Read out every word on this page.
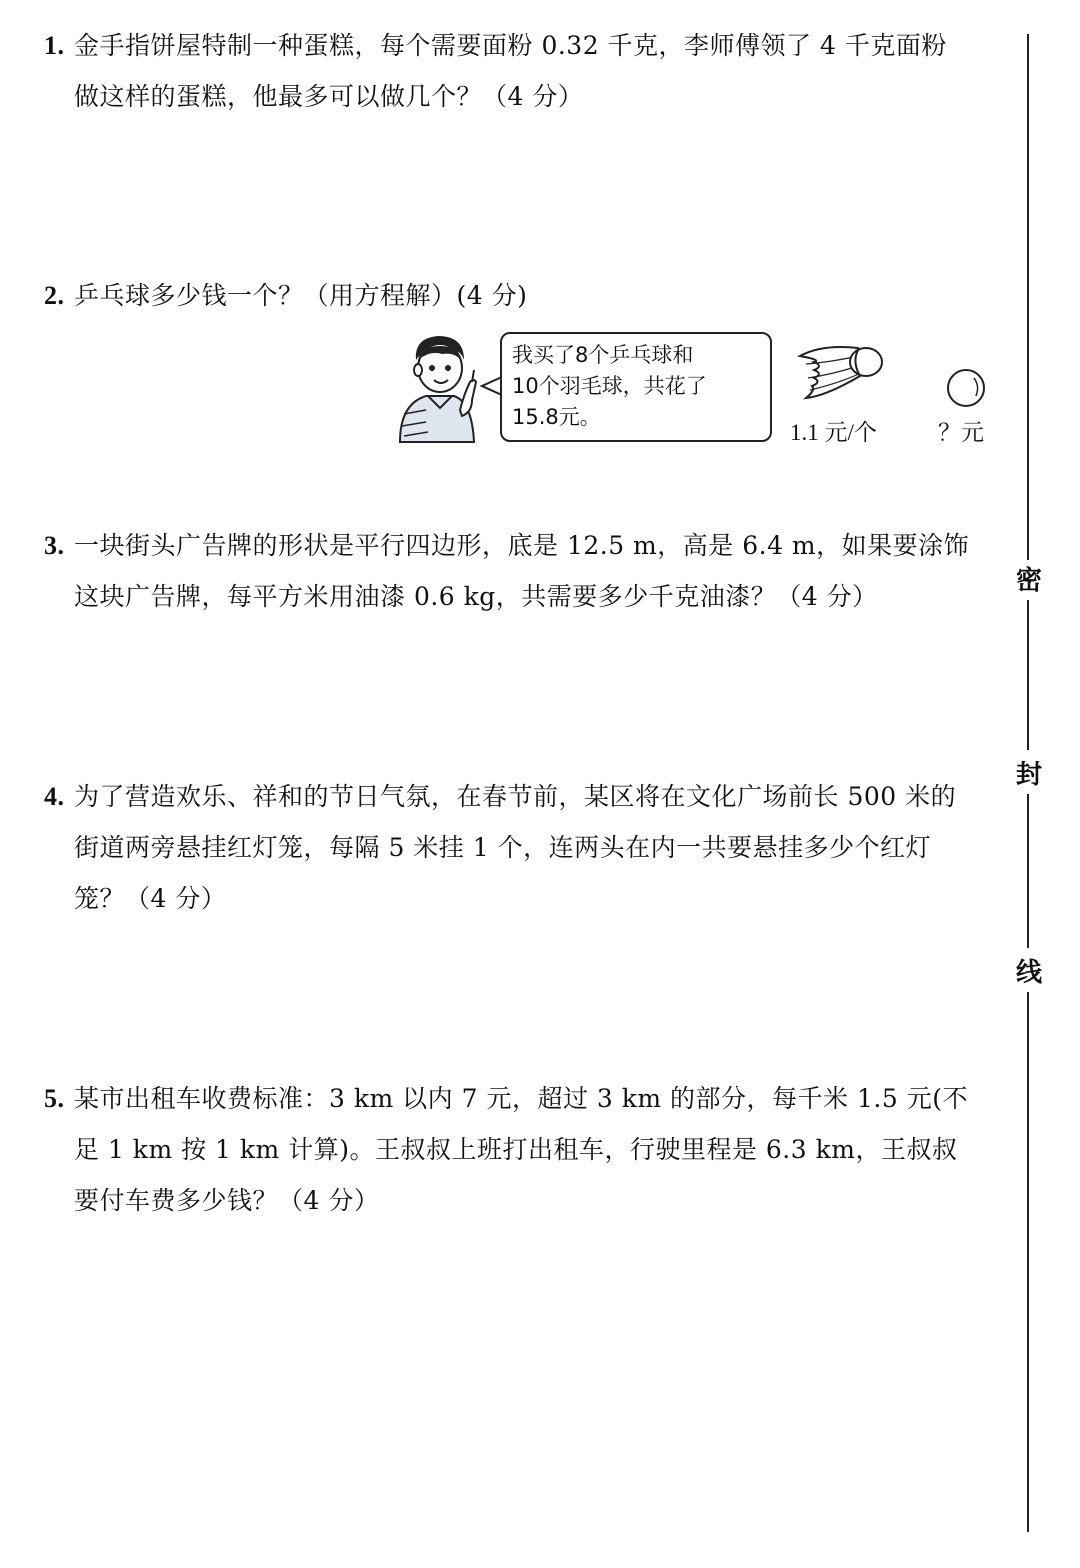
1. 金手指饼屋特制一种蛋糕，每个需要面粉 0.32 千克，李师傅领了 4 千克面粉
做这样的蛋糕，他最多可以做几个？（4 分）
2. 乒乓球多少钱一个？（用方程解）(4 分)
我买了8个乒乓球和
10个羽毛球，共花了
15.8元。
1.1 元/个	？元
3. 一块街头广告牌的形状是平行四边形，底是 12.5 m，高是 6.4 m，如果要涂饰
这块广告牌，每平方米用油漆 0.6 kg，共需要多少千克油漆？（4 分）
4. 为了营造欢乐、祥和的节日气氛，在春节前，某区将在文化广场前长 500 米的
街道两旁悬挂红灯笼，每隔 5 米挂 1 个，连两头在内一共要悬挂多少个红灯
笼？（4 分）
5. 某市出租车收费标准：3 km 以内 7 元，超过 3 km 的部分，每千米 1.5 元(不
足 1 km 按 1 km 计算)。王叔叔上班打出租车，行驶里程是 6.3 km，王叔叔
要付车费多少钱？（4 分）
密
封
线
